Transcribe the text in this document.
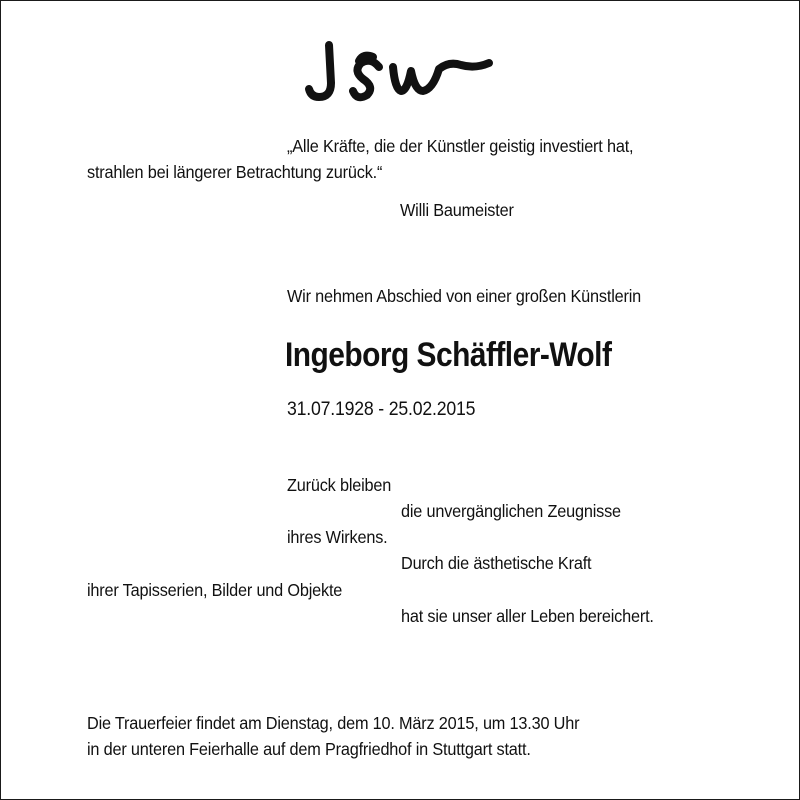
„Alle Kräfte, die der Künstler geistig investiert hat,
strahlen bei längerer Betrachtung zurück.“
Willi Baumeister
Wir nehmen Abschied von einer großen Künstlerin
Ingeborg Schäffler-Wolf
31.07.1928 - 25.02.2015
Zurück bleiben
die unvergänglichen Zeugnisse
ihres Wirkens.
Durch die ästhetische Kraft
ihrer Tapisserien, Bilder und Objekte
hat sie unser aller Leben bereichert.
Die Trauerfeier findet am Dienstag, dem 10. März 2015, um 13.30 Uhr
in der unteren Feierhalle auf dem Pragfriedhof in Stuttgart statt.
